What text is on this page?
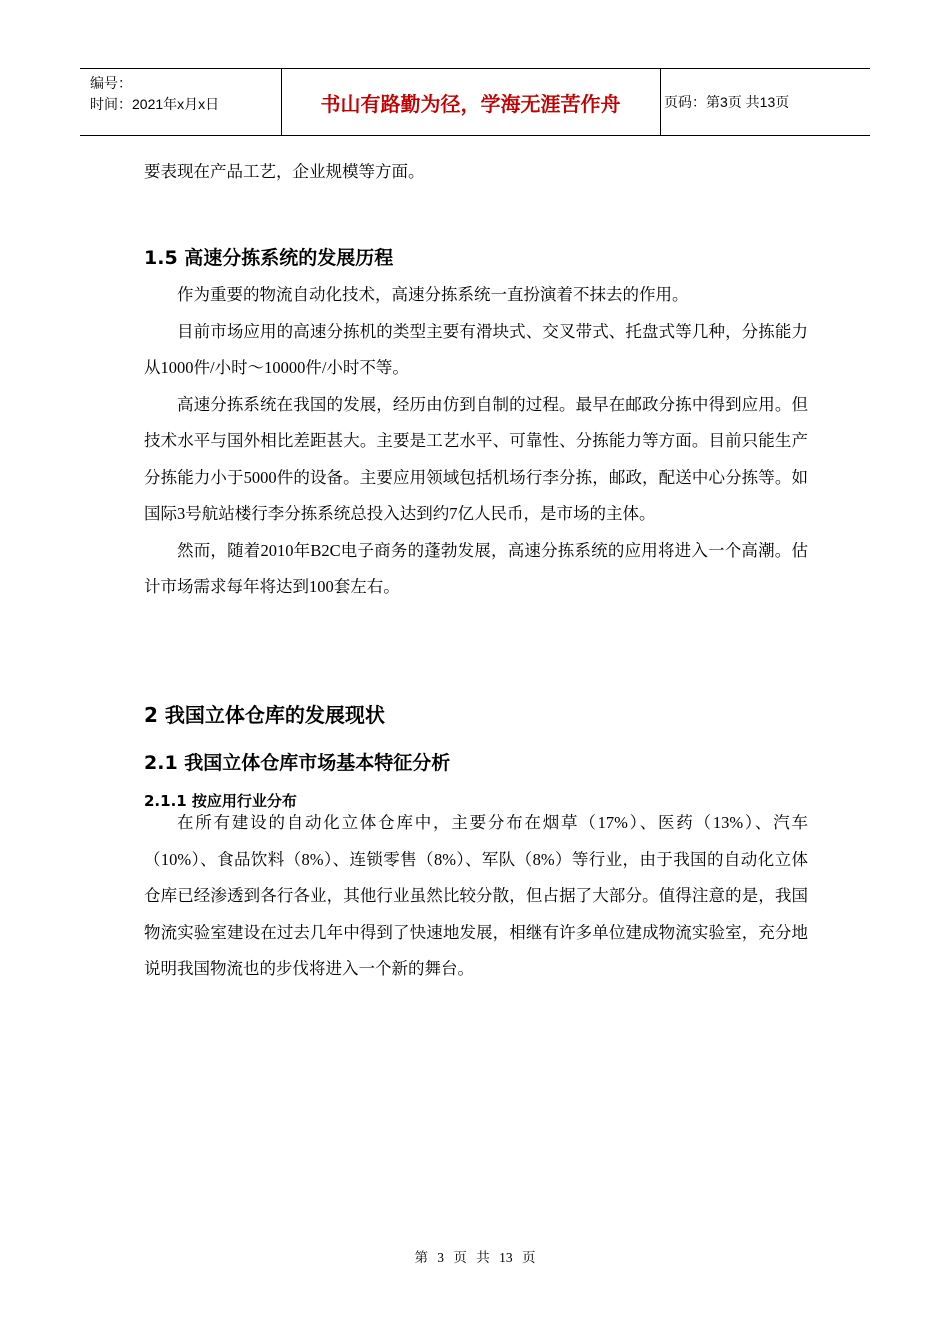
编号：
时间：2021年x月x日	书山有路勤为径，学海无涯苦作舟	页码：第3页 共13页

要表现在产品工艺，企业规模等方面。

1.5 高速分拣系统的发展历程

作为重要的物流自动化技术，高速分拣系统一直扮演着不抹去的作用。

目前市场应用的高速分拣机的类型主要有滑块式、交叉带式、托盘式等几种，分拣能力从1000件/小时～10000件/小时不等。

高速分拣系统在我国的发展，经历由仿到自制的过程。最早在邮政分拣中得到应用。但技术水平与国外相比差距甚大。主要是工艺水平、可靠性、分拣能力等方面。目前只能生产分拣能力小于5000件的设备。主要应用领域包括机场行李分拣，邮政，配送中心分拣等。如国际3号航站楼行李分拣系统总投入达到约7亿人民币，是市场的主体。

然而，随着2010年B2C电子商务的蓬勃发展，高速分拣系统的应用将进入一个高潮。估计市场需求每年将达到100套左右。

2 我国立体仓库的发展现状
2.1 我国立体仓库市场基本特征分析
2.1.1 按应用行业分布

在所有建设的自动化立体仓库中，主要分布在烟草（17%）、医药（13%）、汽车（10%）、食品饮料（8%）、连锁零售（8%）、军队（8%）等行业，由于我国的自动化立体仓库已经渗透到各行各业，其他行业虽然比较分散，但占据了大部分。值得注意的是，我国物流实验室建设在过去几年中得到了快速地发展，相继有许多单位建成物流实验室，充分地说明我国物流也的步伐将进入一个新的舞台。

第 3 页 共 13 页
